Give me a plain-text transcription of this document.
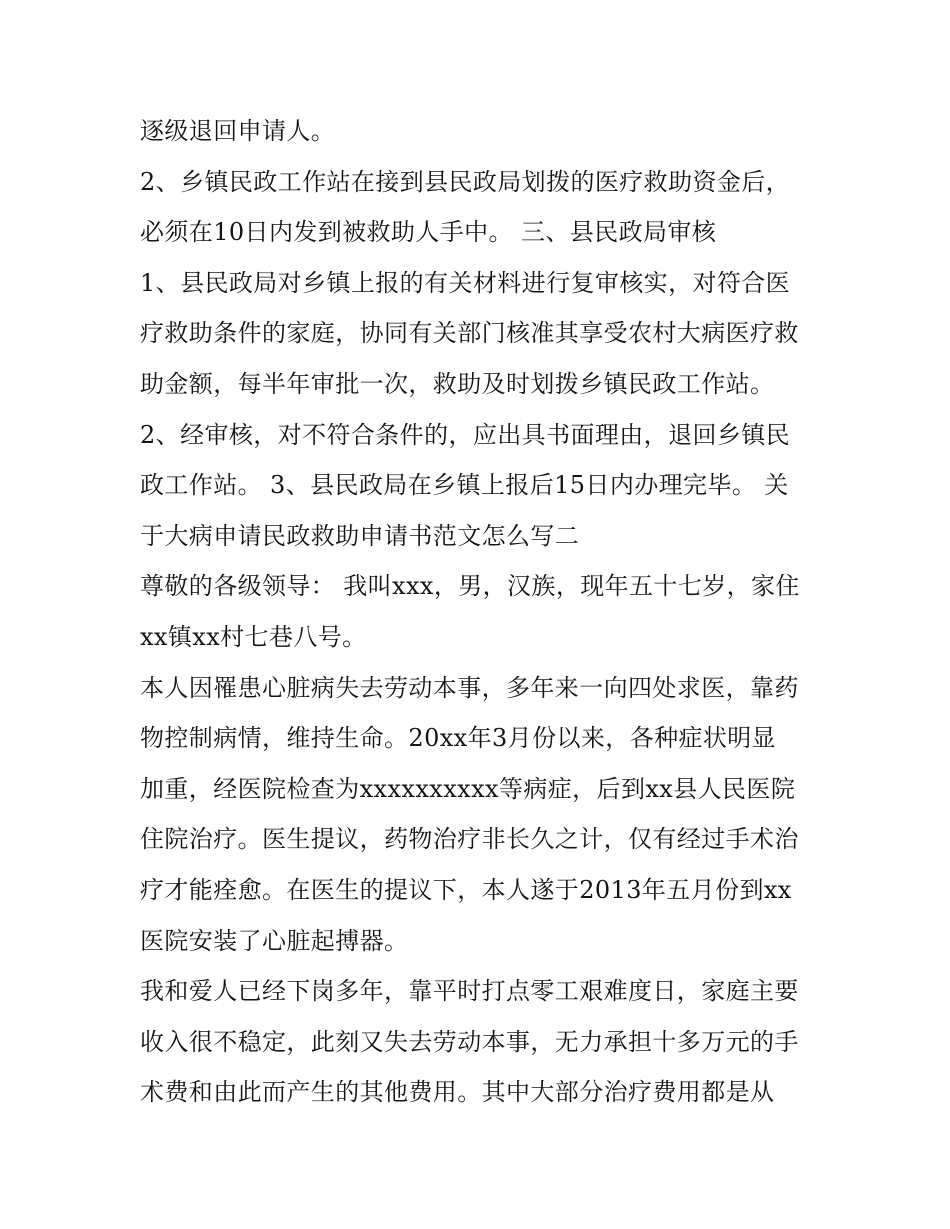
逐级退回申请人。
2、乡镇民政工作站在接到县民政局划拨的医疗救助资金后，
必须在10日内发到被救助人手中。 三、县民政局审核
1、县民政局对乡镇上报的有关材料进行复审核实，对符合医
疗救助条件的家庭，协同有关部门核准其享受农村大病医疗救
助金额，每半年审批一次，救助及时划拨乡镇民政工作站。
2、经审核，对不符合条件的，应出具书面理由，退回乡镇民
政工作站。 3、县民政局在乡镇上报后15日内办理完毕。 关
于大病申请民政救助申请书范文怎么写二
尊敬的各级领导： 我叫xxx，男，汉族，现年五十七岁，家住
xx镇xx村七巷八号。
本人因罹患心脏病失去劳动本事，多年来一向四处求医，靠药
物控制病情，维持生命。20xx年3月份以来，各种症状明显
加重，经医院检查为xxxxxxxxxx等病症，后到xx县人民医院
住院治疗。医生提议，药物治疗非长久之计，仅有经过手术治
疗才能痊愈。在医生的提议下，本人遂于2013年五月份到xx
医院安装了心脏起搏器。
我和爱人已经下岗多年，靠平时打点零工艰难度日，家庭主要
收入很不稳定，此刻又失去劳动本事，无力承担十多万元的手
术费和由此而产生的其他费用。其中大部分治疗费用都是从
